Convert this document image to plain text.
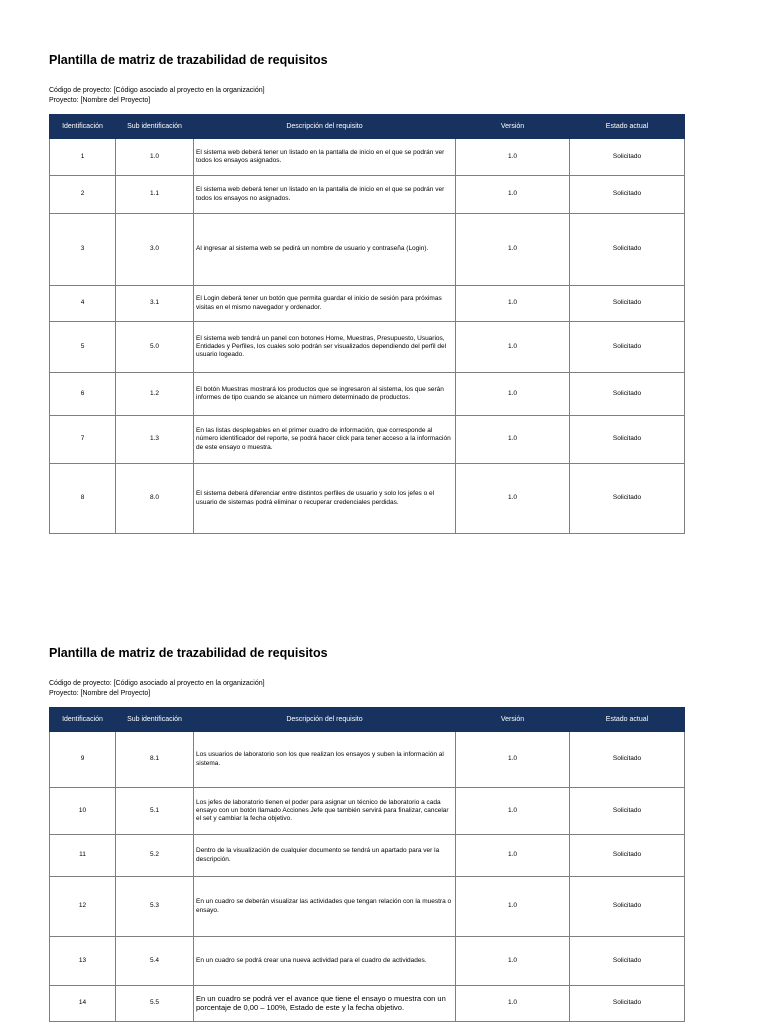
Plantilla de matriz de trazabilidad de requisitos
Código de proyecto: [Código asociado al proyecto en la organización]
Proyecto: [Nombre del Proyecto]
Identificación	Sub identificación	Descripción del requisito	Versión	Estado actual
1	1.0	El sistema web deberá tener un listado en la pantalla de inicio en el que se podrán ver todos los ensayos asignados.	1.0	Solicitado
2	1.1	El sistema web deberá tener un listado en la pantalla de inicio en el que se podrán ver todos los ensayos no asignados.	1.0	Solicitado
3	3.0	Al ingresar al sistema web se pedirá un nombre de usuario y contraseña (Login).	1.0	Solicitado
4	3.1	El Login deberá tener un botón que permita guardar el inicio de sesión para próximas visitas en el mismo navegador y ordenador.	1.0	Solicitado
5	5.0	El sistema web tendrá un panel con botones Home, Muestras, Presupuesto, Usuarios, Entidades y Perfiles, los cuales solo podrán ser visualizados dependiendo del perfil del usuario logeado.	1.0	Solicitado
6	1.2	El botón Muestras mostrará los productos que se ingresaron al sistema, los que serán informes de tipo cuando se alcance un número determinado de productos.	1.0	Solicitado
7	1.3	En las listas desplegables en el primer cuadro de información, que corresponde al número identificador del reporte, se podrá hacer click para tener acceso a la información de este ensayo o muestra.	1.0	Solicitado
8	8.0	El sistema deberá diferenciar entre distintos perfiles de usuario y solo los jefes o el usuario de sistemas podrá eliminar o recuperar credenciales perdidas.	1.0	Solicitado
Plantilla de matriz de trazabilidad de requisitos
Código de proyecto: [Código asociado al proyecto en la organización]
Proyecto: [Nombre del Proyecto]
Identificación	Sub identificación	Descripción del requisito	Versión	Estado actual
9	8.1	Los usuarios de laboratorio son los que realizan los ensayos y suben la información al sistema.	1.0	Solicitado
10	5.1	Los jefes de laboratorio tienen el poder para asignar un técnico de laboratorio a cada ensayo con un botón llamado Acciones Jefe que también servirá para finalizar, cancelar el set y cambiar la fecha objetivo.	1.0	Solicitado
11	5.2	Dentro de la visualización de cualquier documento se tendrá un apartado para ver la descripción.	1.0	Solicitado
12	5.3	En un cuadro se deberán visualizar las actividades que tengan relación con la muestra o ensayo.	1.0	Solicitado
13	5.4	En un cuadro se podrá crear una nueva actividad para el cuadro de actividades.	1.0	Solicitado
14	5.5	En un cuadro se podrá ver el avance que tiene el ensayo o muestra con un porcentaje de 0,00 – 100%, Estado de este y la fecha objetivo.	1.0	Solicitado
